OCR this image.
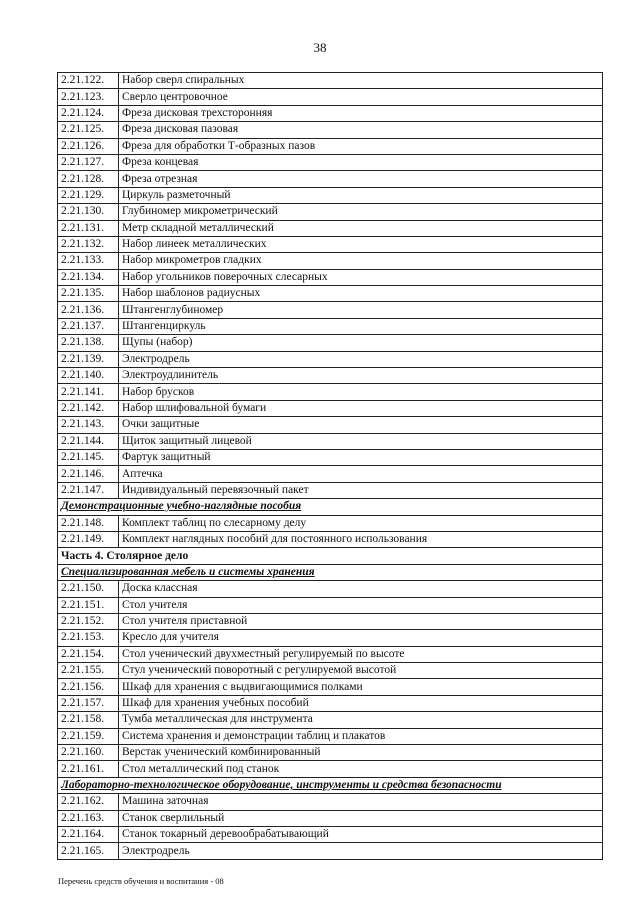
38
2.21.122.	Набор сверл спиральных
2.21.123.	Сверло центровочное
2.21.124.	Фреза дисковая трехсторонняя
2.21.125.	Фреза дисковая пазовая
2.21.126.	Фреза для обработки Т-образных пазов
2.21.127.	Фреза концевая
2.21.128.	Фреза отрезная
2.21.129.	Циркуль разметочный
2.21.130.	Глубиномер микрометрический
2.21.131.	Метр складной металлический
2.21.132.	Набор линеек металлических
2.21.133.	Набор микрометров гладких
2.21.134.	Набор угольников поверочных слесарных
2.21.135.	Набор шаблонов радиусных
2.21.136.	Штангенглубиномер
2.21.137.	Штангенциркуль
2.21.138.	Щупы (набор)
2.21.139.	Электродрель
2.21.140.	Электроудлинитель
2.21.141.	Набор брусков
2.21.142.	Набор шлифовальной бумаги
2.21.143.	Очки защитные
2.21.144.	Щиток защитный лицевой
2.21.145.	Фартук защитный
2.21.146.	Аптечка
2.21.147.	Индивидуальный перевязочный пакет
Демонстрационные учебно-наглядные пособия	
2.21.148.	Комплект таблиц по слесарному делу
2.21.149.	Комплект наглядных пособий для постоянного использования
Часть 4. Столярное дело	
Специализированная мебель и системы хранения	
2.21.150.	Доска классная
2.21.151.	Стол учителя
2.21.152.	Стол учителя приставной
2.21.153.	Кресло для учителя
2.21.154.	Стол ученический двухместный регулируемый по высоте
2.21.155.	Стул ученический поворотный с регулируемой высотой
2.21.156.	Шкаф для хранения с выдвигающимися полками
2.21.157.	Шкаф для хранения учебных пособий
2.21.158.	Тумба металлическая для инструмента
2.21.159.	Система хранения и демонстрации таблиц и плакатов
2.21.160.	Верстак ученический комбинированный
2.21.161.	Стол металлический под станок
Лабораторно-технологическое оборудование, инструменты и средства безопасности	
2.21.162.	Машина заточная
2.21.163.	Станок сверлильный
2.21.164.	Станок токарный деревообрабатывающий
2.21.165.	Электродрель
Перечень средств обучения и воспитания - 08
